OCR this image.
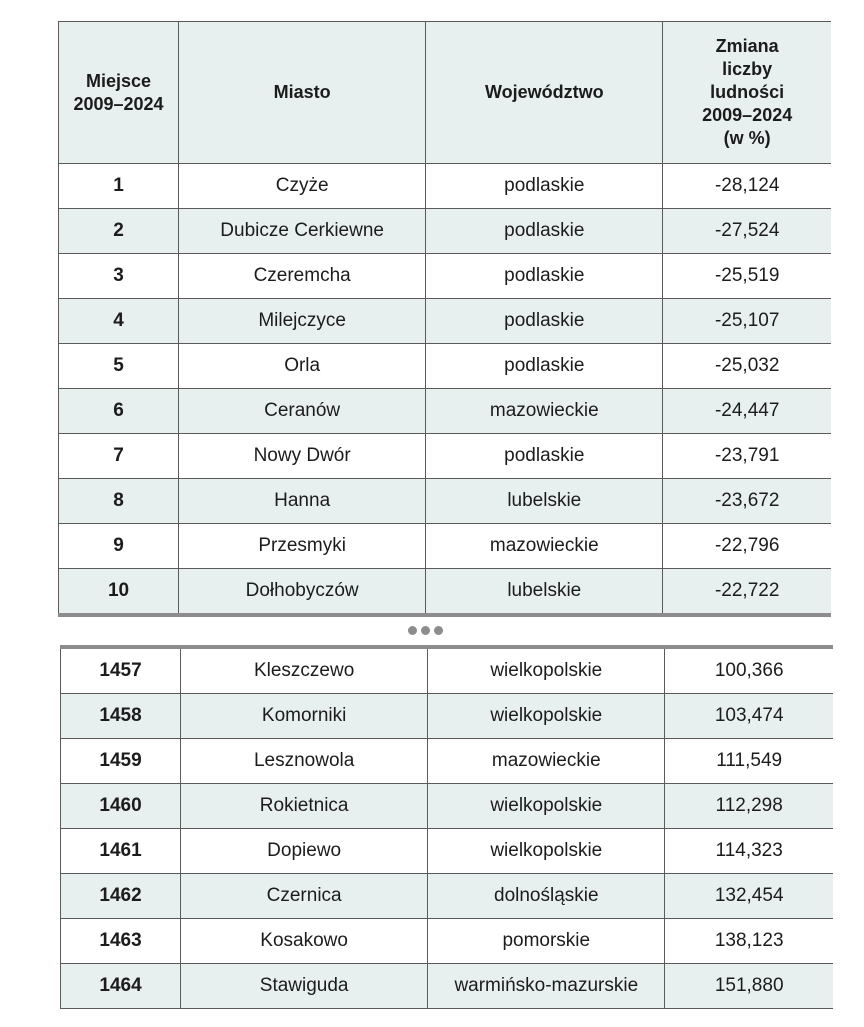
Miejsce 2009–2024	Miasto	Województwo	Zmiana liczby ludności 2009–2024 (w %)
1	Czyże	podlaskie	-28,124
2	Dubicze Cerkiewne	podlaskie	-27,524
3	Czeremcha	podlaskie	-25,519
4	Milejczyce	podlaskie	-25,107
5	Orla	podlaskie	-25,032
6	Ceranów	mazowieckie	-24,447
7	Nowy Dwór	podlaskie	-23,791
8	Hanna	lubelskie	-23,672
9	Przesmyki	mazowieckie	-22,796
10	Dołhobyczów	lubelskie	-22,722
1457	Kleszczewo	wielkopolskie	100,366
1458	Komorniki	wielkopolskie	103,474
1459	Lesznowola	mazowieckie	111,549
1460	Rokietnica	wielkopolskie	112,298
1461	Dopiewo	wielkopolskie	114,323
1462	Czernica	dolnośląskie	132,454
1463	Kosakowo	pomorskie	138,123
1464	Stawiguda	warmińsko-mazurskie	151,880
